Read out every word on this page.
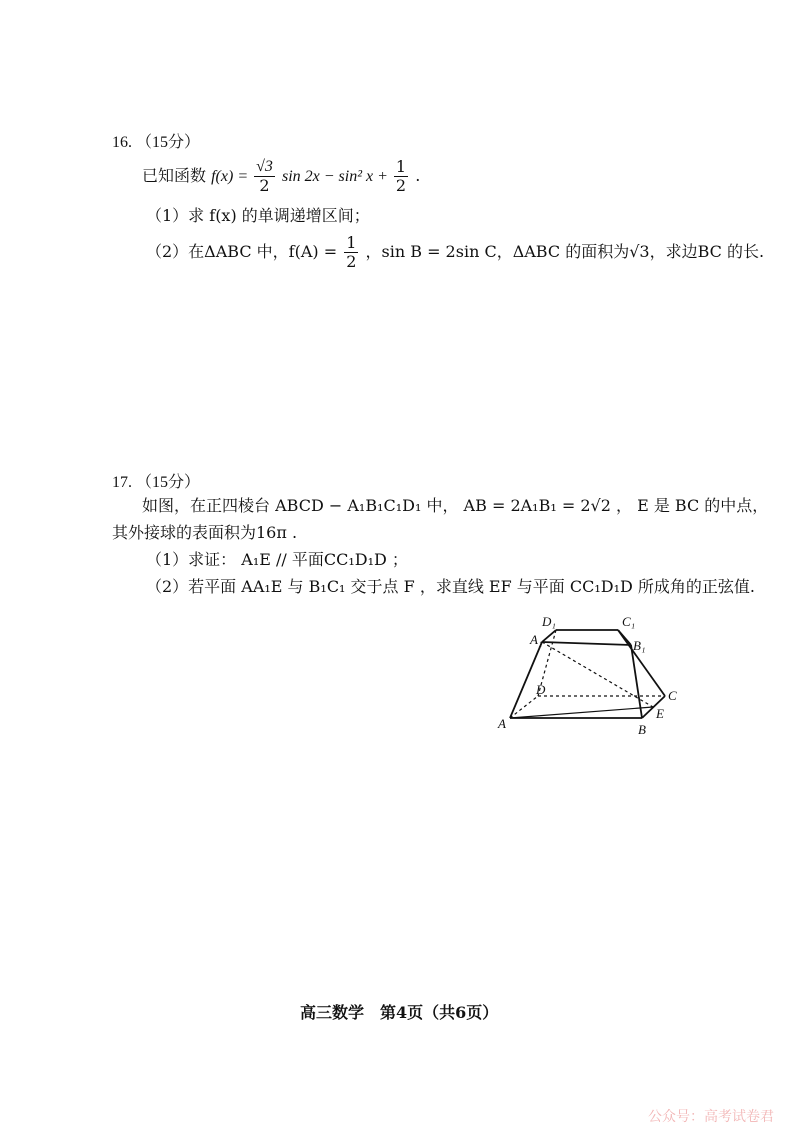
16. （15分）
已知函数 $f(x) = \frac{√3}{2}$ sin 2x − sin² $x + \frac{1}{2}$ .
（1）求 f(x) 的单调递增区间；
（2）在ΔABC 中，$f(A) = \frac{1}{2}$ ，sin B = 2sin C，ΔABC 的面积为√3，求边BC 的长.
17. （15分）
如图，在正四棱台 ABCD − A₁B₁C₁D₁ 中， AB = 2A₁B₁ = 2√2 ， E 是 BC 的中点，
其外接球的表面积为16π .
（1）求证： A₁E // 平面CC₁D₁D ；
（2）若平面 AA₁E 与 B₁C₁ 交于点 F ，求直线 EF 与平面 CC₁D₁D 所成角的正弦值.
D₁	C₁
A₁	B₁
D	C
E
A	B
高三数学　第4页（共6页）
公众号：高考试卷君
